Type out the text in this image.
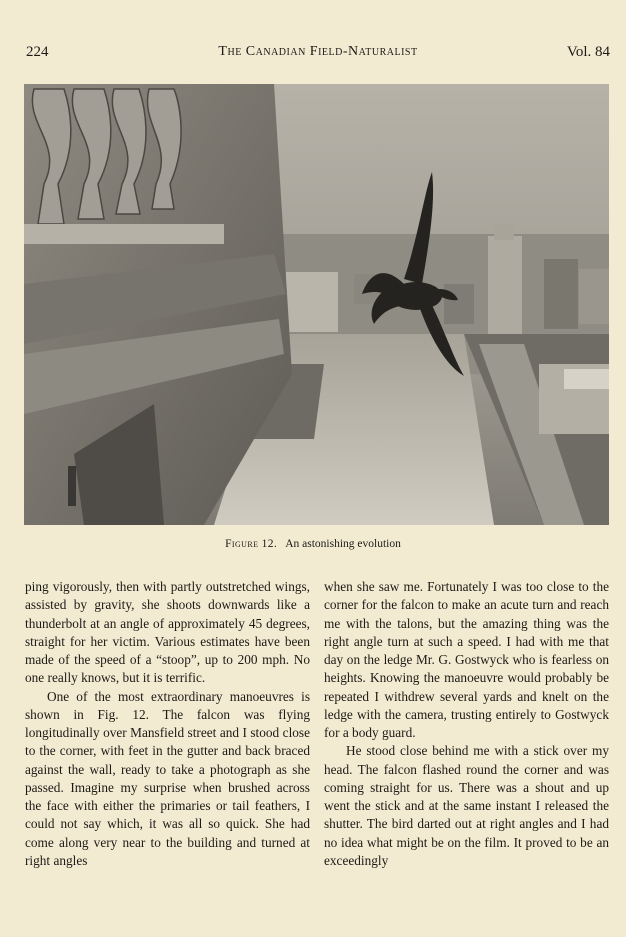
224	The Canadian Field-Naturalist	Vol. 84
Figure 12. An astonishing evolution

ping vigorously, then with partly outstretched wings, assisted by gravity, she shoots downwards like a thunderbolt at an angle of approximately 45 degrees, straight for her victim. Various estimates have been made of the speed of a “stoop”, up to 200 mph. No one really knows, but it is terrific.

One of the most extraordinary manoeuvres is shown in Fig. 12. The falcon was flying longitudinally over Mansfield street and I stood close to the corner, with feet in the gutter and back braced against the wall, ready to take a photograph as she passed. Imagine my surprise when brushed across the face with either the primaries or tail feathers, I could not say which, it was all so quick. She had come along very near to the building and turned at right angles

when she saw me. Fortunately I was too close to the corner for the falcon to make an acute turn and reach me with the talons, but the amazing thing was the right angle turn at such a speed. I had with me that day on the ledge Mr. G. Gostwyck who is fearless on heights. Knowing the manoeuvre would probably be repeated I withdrew several yards and knelt on the ledge with the camera, trusting entirely to Gostwyck for a body guard.

He stood close behind me with a stick over my head. The falcon flashed round the corner and was coming straight for us. There was a shout and up went the stick and at the same instant I released the shutter. The bird darted out at right angles and I had no idea what might be on the film. It proved to be an exceedingly
